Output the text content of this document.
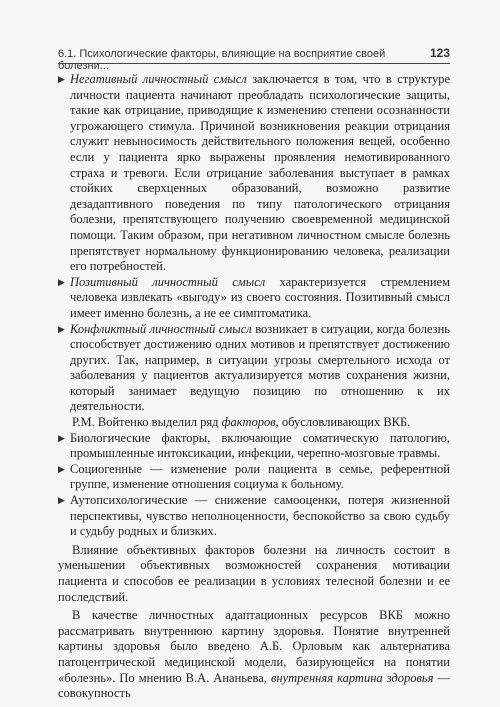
6.1. Психологические факторы, влияющие на восприятие своей болезни...
123
▶ Негативный личностный смысл заключается в том, что в структуре личности пациента начинают преобладать психологические защиты, такие как отрицание, приводящие к изменению степени осознанности угрожающего стимула. Причиной возникновения реакции отрицания служит невыносимость действительного положения вещей, особенно если у пациента ярко выражены проявления немотивированного страха и тревоги. Если отрицание заболевания выступает в рамках стойких сверхценных образований, возможно развитие дезадаптивного поведения по типу патологического отрицания болезни, препятствующего получению своевременной медицинской помощи. Таким образом, при негативном личностном смысле болезнь препятствует нормальному функционированию человека, реализации его потребностей.

▶ Позитивный личностный смысл характеризуется стремлением человека извлекать «выгоду» из своего состояния. Позитивный смысл имеет именно болезнь, а не ее симптоматика.

▶ Конфликтный личностный смысл возникает в ситуации, когда болезнь способствует достижению одних мотивов и препятствует достижению других. Так, например, в ситуации угрозы смертельного исхода от заболевания у пациентов актуализируется мотив сохранения жизни, который занимает ведущую позицию по отношению к их деятельности.

Р.М. Войтенко выделил ряд факторов, обусловливающих ВКБ.

▶ Биологические факторы, включающие соматическую патологию, промышленные интоксикации, инфекции, черепно-мозговые травмы.

▶ Социогенные — изменение роли пациента в семье, референтной группе, изменение отношения социума к больному.

▶ Аутопсихологические — снижение самооценки, потеря жизненной перспективы, чувство неполноценности, беспокойство за свою судьбу и судьбу родных и близких.

Влияние объективных факторов болезни на личность состоит в уменьшении объективных возможностей сохранения мотивации пациента и способов ее реализации в условиях телесной болезни и ее последствий.

В качестве личностных адаптационных ресурсов ВКБ можно рассматривать внутреннюю картину здоровья. Понятие внутренней картины здоровья было введено А.Б. Орловым как альтернатива патоцентрической медицинской модели, базирующейся на понятии «болезнь». По мнению В.А. Ананьева, внутренняя картина здоровья — совокупность
